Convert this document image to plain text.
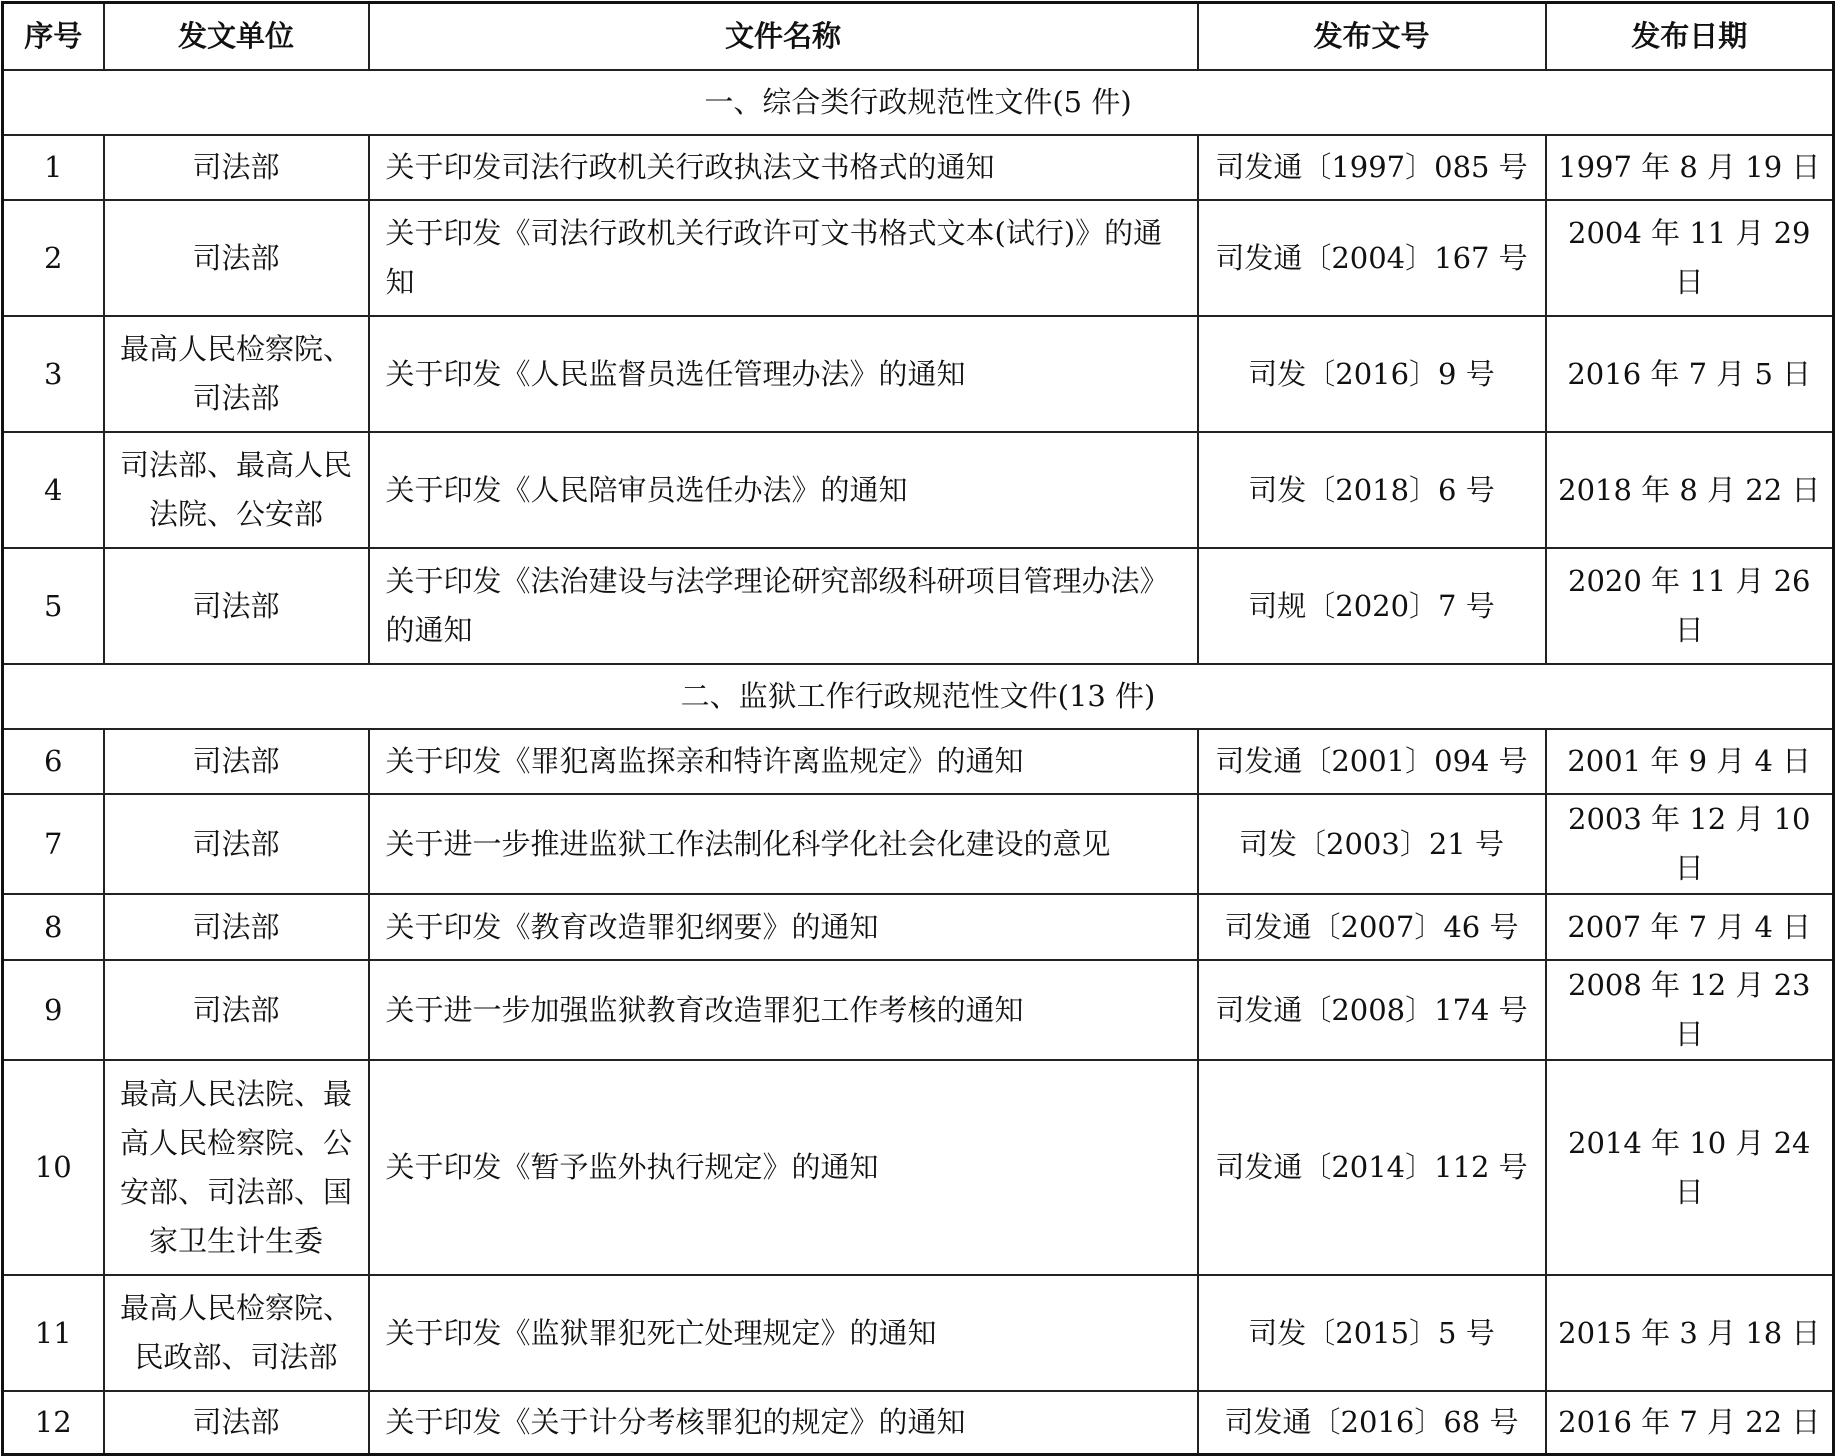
序号	发文单位	文件名称	发布文号	发布日期
一、综合类行政规范性文件(5 件)				
1	司法部	关于印发司法行政机关行政执法文书格式的通知	司发通〔1997〕085 号	1997 年 8 月 19 日
2	司法部	关于印发《司法行政机关行政许可文书格式文本(试行)》的通知	司发通〔2004〕167 号	2004 年 11 月 29 日
3	最高人民检察院、司法部	关于印发《人民监督员选任管理办法》的通知	司发〔2016〕9 号	2016 年 7 月 5 日
4	司法部、最高人民法院、公安部	关于印发《人民陪审员选任办法》的通知	司发〔2018〕6 号	2018 年 8 月 22 日
5	司法部	关于印发《法治建设与法学理论研究部级科研项目管理办法》的通知	司规〔2020〕7 号	2020 年 11 月 26 日
二、监狱工作行政规范性文件(13 件)				
6	司法部	关于印发《罪犯离监探亲和特许离监规定》的通知	司发通〔2001〕094 号	2001 年 9 月 4 日
7	司法部	关于进一步推进监狱工作法制化科学化社会化建设的意见	司发〔2003〕21 号	2003 年 12 月 10 日
8	司法部	关于印发《教育改造罪犯纲要》的通知	司发通〔2007〕46 号	2007 年 7 月 4 日
9	司法部	关于进一步加强监狱教育改造罪犯工作考核的通知	司发通〔2008〕174 号	2008 年 12 月 23 日
10	最高人民法院、最高人民检察院、公安部、司法部、国家卫生计生委	关于印发《暂予监外执行规定》的通知	司发通〔2014〕112 号	2014 年 10 月 24 日
11	最高人民检察院、民政部、司法部	关于印发《监狱罪犯死亡处理规定》的通知	司发〔2015〕5 号	2015 年 3 月 18 日
12	司法部	关于印发《关于计分考核罪犯的规定》的通知	司发通〔2016〕68 号	2016 年 7 月 22 日
